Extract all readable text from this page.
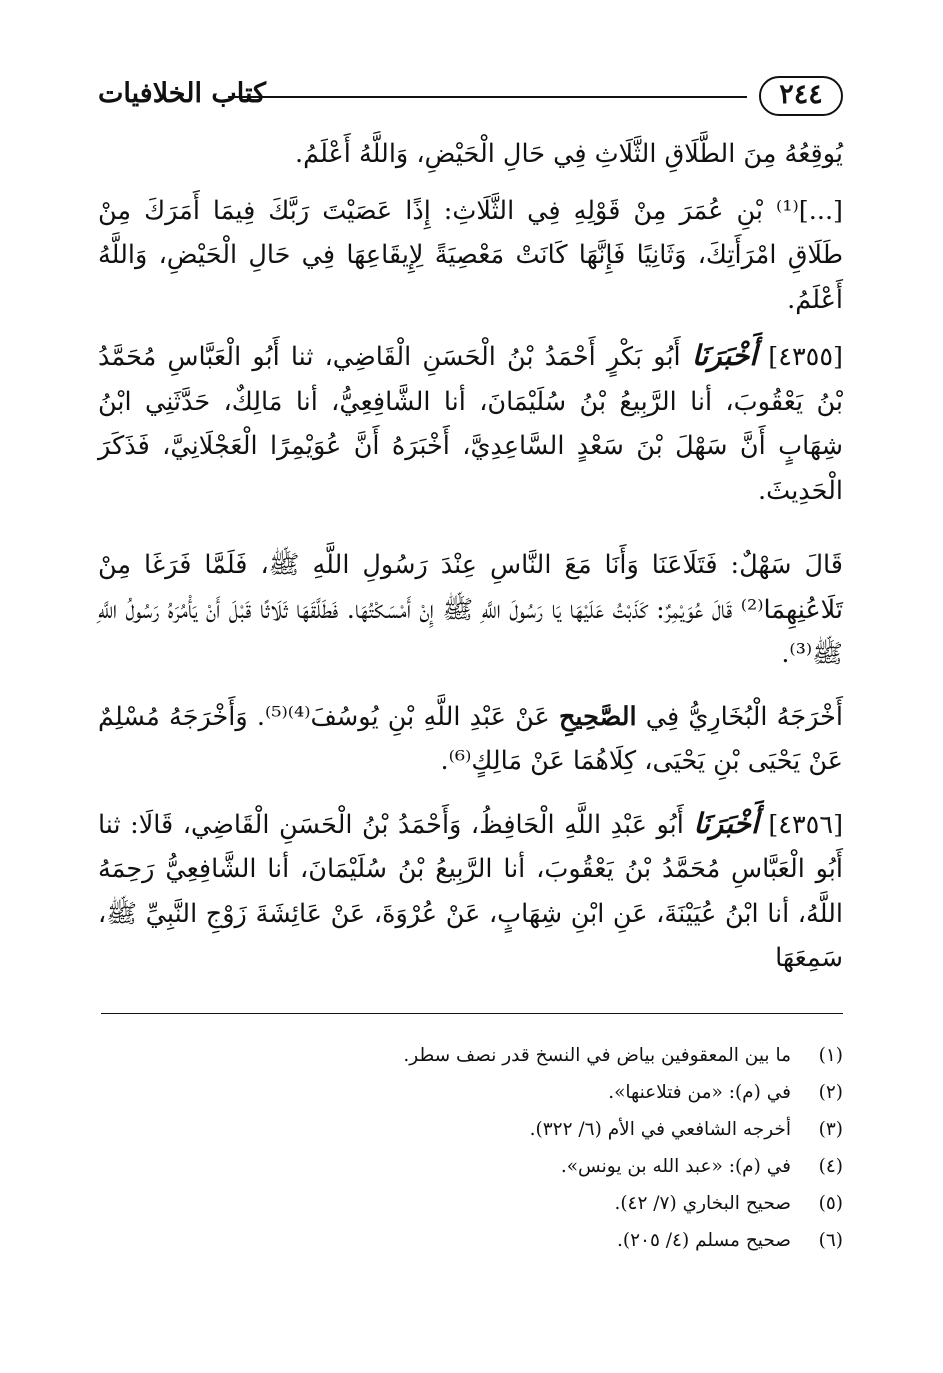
٢٤٤
كتاب الخلافيات

يُوقِعُهُ مِنَ الطَّلَاقِ الثَّلَاثِ فِي حَالِ الْحَيْضِ، وَاللَّهُ أَعْلَمُ.

[...]⁽¹⁾ بْنِ عُمَرَ مِنْ قَوْلِهِ فِي الثَّلَاثِ: إِذًا عَصَيْتَ رَبَّكَ فِيمَا أَمَرَكَ مِنْ طَلَاقِ امْرَأَتِكَ، وَثَانِيًا فَإِنَّهَا كَانَتْ مَعْصِيَةً لِإِيقَاعِهَا فِي حَالِ الْحَيْضِ، وَاللَّهُ أَعْلَمُ.

[٤٣٥٥] أَخْبَرَنَا أَبُو بَكْرٍ أَحْمَدُ بْنُ الْحَسَنِ الْقَاضِي، ثنا أَبُو الْعَبَّاسِ مُحَمَّدُ بْنُ يَعْقُوبَ، أنا الرَّبِيعُ بْنُ سُلَيْمَانَ، أنا الشَّافِعِيُّ، أنا مَالِكٌ، حَدَّثَنِي ابْنُ شِهَابٍ أَنَّ سَهْلَ بْنَ سَعْدٍ السَّاعِدِيَّ، أَخْبَرَهُ أَنَّ عُوَيْمِرًا الْعَجْلَانِيَّ، فَذَكَرَ الْحَدِيثَ.

قَالَ سَهْلٌ: فَتَلَاعَنَا وَأَنَا مَعَ النَّاسِ عِنْدَ رَسُولِ اللَّهِ ﷺ، فَلَمَّا فَرَغَا مِنْ تَلَاعُنِهِمَا⁽²⁾ قَالَ عُوَيْمِرٌ: كَذَبْتُ عَلَيْهَا يَا رَسُولَ اللَّهِ ﷺ إِنْ أَمْسَكْتُهَا. فَطَلَّقَهَا ثَلَاثًا قَبْلَ أَنْ يَأْمُرَهُ رَسُولُ اللَّهِ ﷺ⁽³⁾.

أَخْرَجَهُ الْبُخَارِيُّ فِي الصَّحِيحِ عَنْ عَبْدِ اللَّهِ بْنِ يُوسُفَ⁽⁴⁾⁽⁵⁾. وَأَخْرَجَهُ مُسْلِمٌ عَنْ يَحْيَى بْنِ يَحْيَى، كِلَاهُمَا عَنْ مَالِكٍ⁽⁶⁾.

[٤٣٥٦] أَخْبَرَنَا أَبُو عَبْدِ اللَّهِ الْحَافِظُ، وَأَحْمَدُ بْنُ الْحَسَنِ الْقَاضِي، قَالَا: ثنا أَبُو الْعَبَّاسِ مُحَمَّدُ بْنُ يَعْقُوبَ، أنا الرَّبِيعُ بْنُ سُلَيْمَانَ، أنا الشَّافِعِيُّ رَحِمَهُ اللَّهُ، أنا ابْنُ عُيَيْنَةَ، عَنِ ابْنِ شِهَابٍ، عَنْ عُرْوَةَ، عَنْ عَائِشَةَ زَوْجِ النَّبِيِّ ﷺ، سَمِعَهَا

(١)
ما بين المعقوفين بياض في النسخ قدر نصف سطر.
(٢)
في (م): «من فتلاعنها».
(٣)
أخرجه الشافعي في الأم (٦/ ٣٢٢).
(٤)
في (م): «عبد الله بن يونس».
(٥)
صحيح البخاري (٧/ ٤٢).
(٦)
صحيح مسلم (٤/ ٢٠٥).
